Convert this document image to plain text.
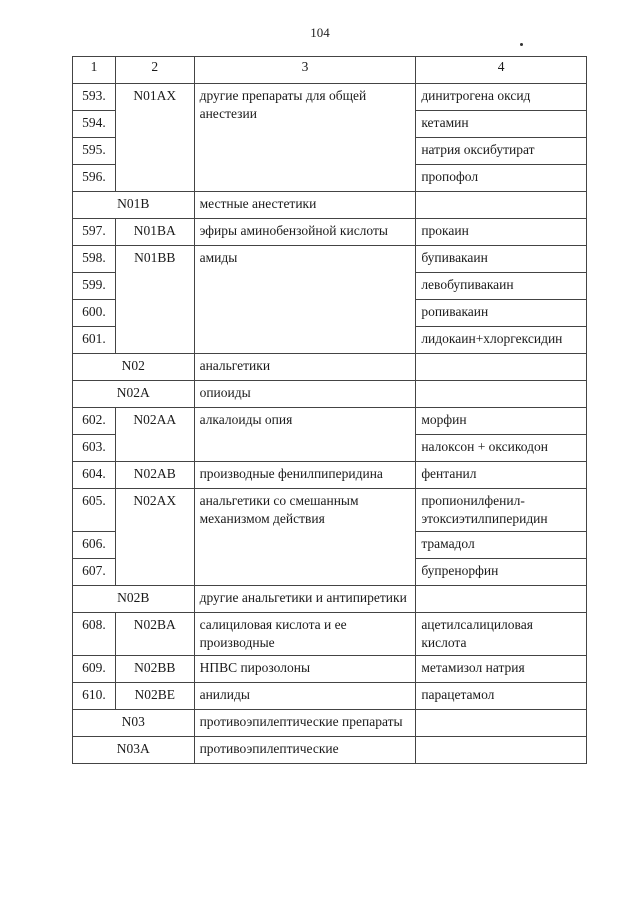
104
1	2	3	4
593.	N01AX	другие препараты для общей анестезии	динитрогена оксид
594.			кетамин
595.			натрия оксибутират
596.			пропофол
N01B		местные анестетики	
597.	N01BA	эфиры аминобензойной кислоты	прокаин
598.	N01BB	амиды	бупивакаин
599.			левобупивакаин
600.			ропивакаин
601.			лидокаин+хлоргексидин
N02		анальгетики	
N02A		опиоиды	
602.	N02AA	алкалоиды опия	морфин
603.			налоксон + оксикодон
604.	N02AB	производные фенилпиперидина	фентанил
605.	N02AX	анальгетики со смешанным механизмом действия	пропионилфенил-этоксиэтилпиперидин
606.			трамадол
607.			бупренорфин
N02B		другие анальгетики и антипиретики	
608.	N02BA	салициловая кислота и ее производные	ацетилсалициловая кислота
609.	N02BB	НПВС пирозолоны	метамизол натрия
610.	N02BE	анилиды	парацетамол
N03		противоэпилептические препараты	
N03A		противоэпилептические	
